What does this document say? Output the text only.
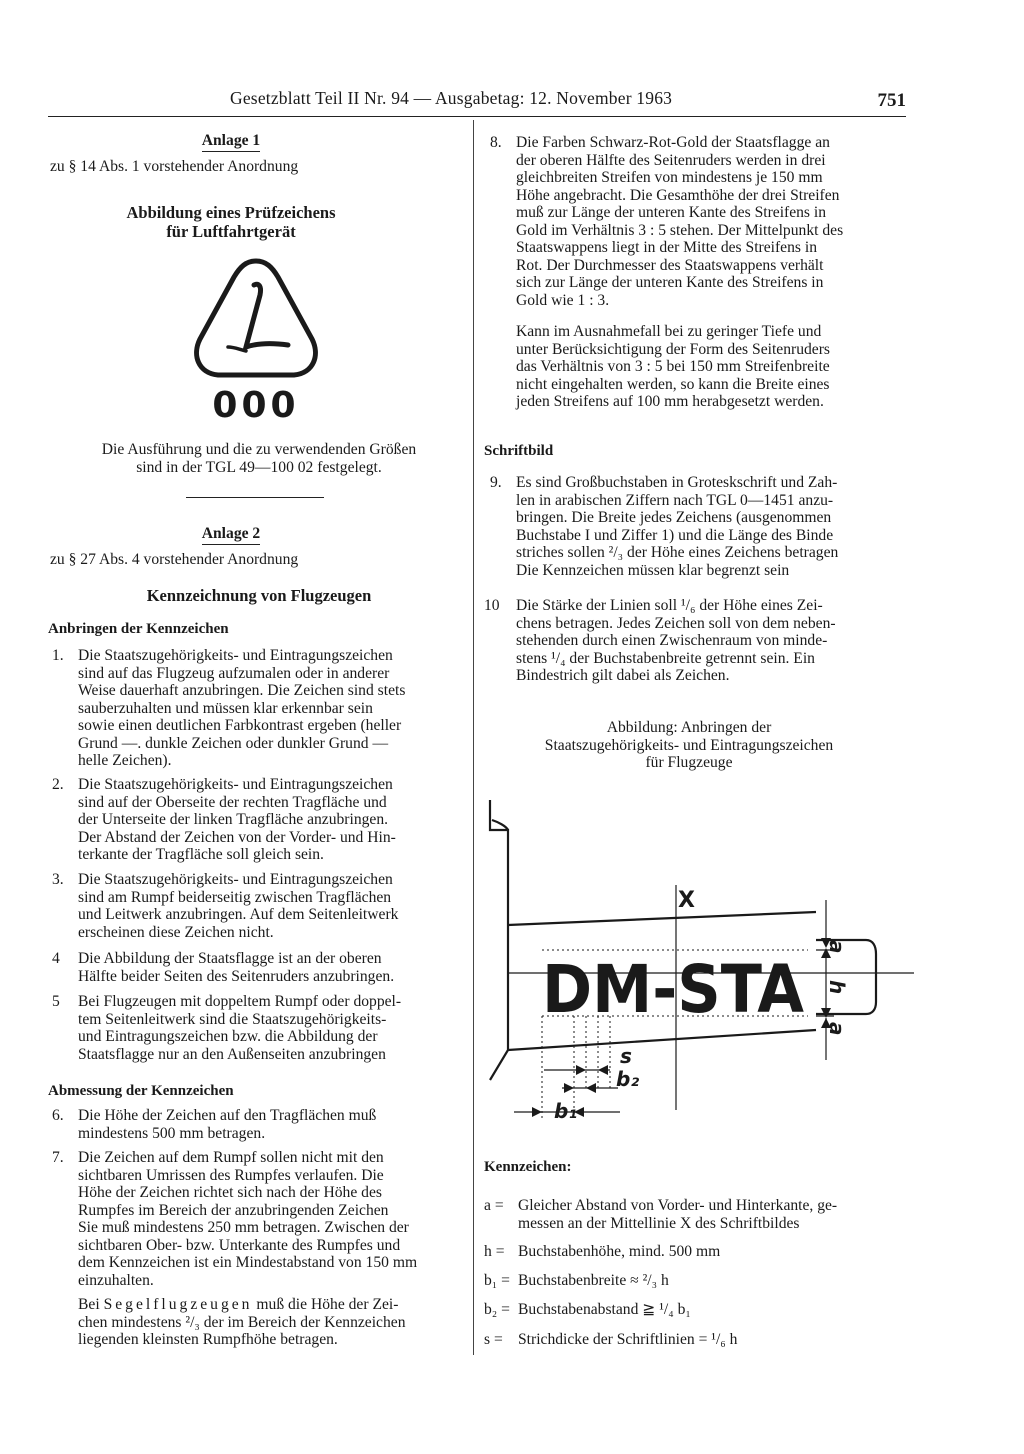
Gesetzblatt Teil II Nr. 94 — Ausgabetag: 12. November 1963	751
Anlage 1
zu § 14 Abs. 1 vorstehender Anordnung
Abbildung eines Prüfzeichens
für Luftfahrtgerät
000
Die Ausführung und die zu verwendenden Größen
sind in der TGL 49—100 02 festgelegt.
Anlage 2
zu § 27 Abs. 4 vorstehender Anordnung
Kennzeichnung von Flugzeugen
Anbringen der Kennzeichen
1. Die Staatszugehörigkeits- und Eintragungszeichen
sind auf das Flugzeug aufzumalen oder in anderer
Weise dauerhaft anzubringen. Die Zeichen sind stets
sauberzuhalten und müssen klar erkennbar sein
sowie einen deutlichen Farbkontrast ergeben (heller
Grund —. dunkle Zeichen oder dunkler Grund —
helle Zeichen).
2. Die Staatszugehörigkeits- und Eintragungszeichen
sind auf der Oberseite der rechten Tragfläche und
der Unterseite der linken Tragfläche anzubringen.
Der Abstand der Zeichen von der Vorder- und Hin-
terkante der Tragfläche soll gleich sein.
3. Die Staatszugehörigkeits- und Eintragungszeichen
sind am Rumpf beiderseitig zwischen Tragflächen
und Leitwerk anzubringen. Auf dem Seitenleitwerk
erscheinen diese Zeichen nicht.
4 Die Abbildung der Staatsflagge ist an der oberen
Hälfte beider Seiten des Seitenruders anzubringen.
5 Bei Flugzeugen mit doppeltem Rumpf oder doppel-
tem Seitenleitwerk sind die Staatszugehörigkeits-
und Eintragungszeichen bzw. die Abbildung der
Staatsflagge nur an den Außenseiten anzubringen
Abmessung der Kennzeichen
6. Die Höhe der Zeichen auf den Tragflächen muß
mindestens 500 mm betragen.
7. Die Zeichen auf dem Rumpf sollen nicht mit den
sichtbaren Umrissen des Rumpfes verlaufen. Die
Höhe der Zeichen richtet sich nach der Höhe des
Rumpfes im Bereich der anzubringenden Zeichen
Sie muß mindestens 250 mm betragen. Zwischen der
sichtbaren Ober- bzw. Unterkante des Rumpfes und
dem Kennzeichen ist ein Mindestabstand von 150 mm
einzuhalten.
Bei Segelflugzeugen muß die Höhe der Zei-
chen mindestens ²/₃ der im Bereich der Kennzeichen
liegenden kleinsten Rumpfhöhe betragen.
8. Die Farben Schwarz-Rot-Gold der Staatsflagge an
der oberen Hälfte des Seitenruders werden in drei
gleichbreiten Streifen von mindestens je 150 mm
Höhe angebracht. Die Gesamthöhe der drei Streifen
muß zur Länge der unteren Kante des Streifens in
Gold im Verhältnis 3 : 5 stehen. Der Mittelpunkt des
Staatswappens liegt in der Mitte des Streifens in
Rot. Der Durchmesser des Staatswappens verhält
sich zur Länge der unteren Kante des Streifens in
Gold wie 1 : 3.
Kann im Ausnahmefall bei zu geringer Tiefe und
unter Berücksichtigung der Form des Seitenruders
das Verhältnis von 3 : 5 bei 150 mm Streifenbreite
nicht eingehalten werden, so kann die Breite eines
jeden Streifens auf 100 mm herabgesetzt werden.
Schriftbild
9. Es sind Großbuchstaben in Groteskschrift und Zah-
len in arabischen Ziffern nach TGL 0—1451 anzu-
bringen. Die Breite jedes Zeichens (ausgenommen
Buchstabe I und Ziffer 1) und die Länge des Binde
striches sollen ²/₃ der Höhe eines Zeichens betragen
Die Kennzeichen müssen klar begrenzt sein
10 Die Stärke der Linien soll ¹/₆ der Höhe eines Zei-
chens betragen. Jedes Zeichen soll von dem neben-
stehenden durch einen Zwischenraum von minde-
stens ¹/₄ der Buchstabenbreite getrennt sein. Ein
Bindestrich gilt dabei als Zeichen.
Abbildung: Anbringen der
Staatszugehörigkeits- und Eintragungszeichen
für Flugzeuge
X
DM-STA
a
h
a
s
b₂
b₁
Kennzeichen:
a = Gleicher Abstand von Vorder- und Hinterkante, ge-
messen an der Mittellinie X des Schriftbildes
h = Buchstabenhöhe, mind. 500 mm
b₁ = Buchstabenbreite ≈ ²/₃ h
b₂ = Buchstabenabstand ≧ ¹/₄ b₁
s = Strichdicke der Schriftlinien = ¹/₆ h
